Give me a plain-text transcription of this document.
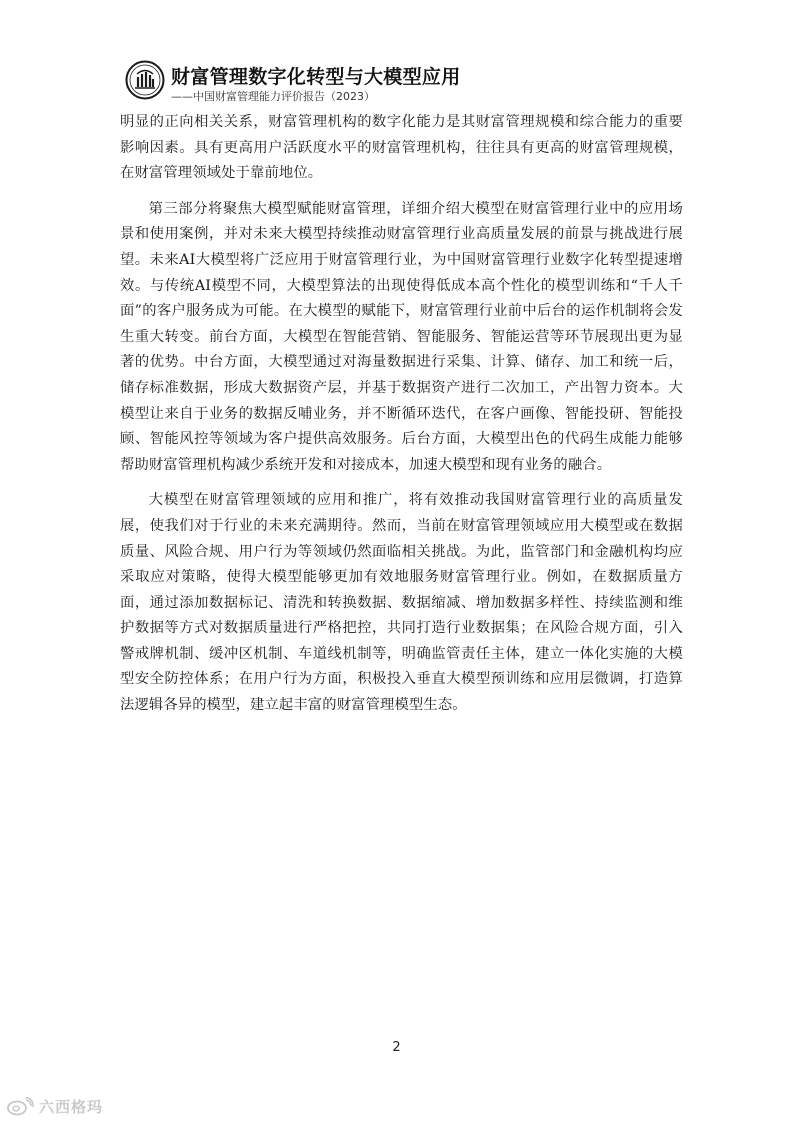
财富管理数字化转型与大模型应用
——中国财富管理能力评价报告（2023）

明显的正向相关关系，财富管理机构的数字化能力是其财富管理规模和综合能力的重要影响因素。具有更高用户活跃度水平的财富管理机构，往往具有更高的财富管理规模，在财富管理领域处于靠前地位。

第三部分将聚焦大模型赋能财富管理，详细介绍大模型在财富管理行业中的应用场景和使用案例，并对未来大模型持续推动财富管理行业高质量发展的前景与挑战进行展望。未来AI大模型将广泛应用于财富管理行业，为中国财富管理行业数字化转型提速增效。与传统AI模型不同，大模型算法的出现使得低成本高个性化的模型训练和“千人千面”的客户服务成为可能。在大模型的赋能下，财富管理行业前中后台的运作机制将会发生重大转变。前台方面，大模型在智能营销、智能服务、智能运营等环节展现出更为显著的优势。中台方面，大模型通过对海量数据进行采集、计算、储存、加工和统一后，储存标准数据，形成大数据资产层，并基于数据资产进行二次加工，产出智力资本。大模型让来自于业务的数据反哺业务，并不断循环迭代，在客户画像、智能投研、智能投顾、智能风控等领域为客户提供高效服务。后台方面，大模型出色的代码生成能力能够帮助财富管理机构减少系统开发和对接成本，加速大模型和现有业务的融合。

大模型在财富管理领域的应用和推广，将有效推动我国财富管理行业的高质量发展，使我们对于行业的未来充满期待。然而，当前在财富管理领域应用大模型或在数据质量、风险合规、用户行为等领域仍然面临相关挑战。为此，监管部门和金融机构均应采取应对策略，使得大模型能够更加有效地服务财富管理行业。例如，在数据质量方面，通过添加数据标记、清洗和转换数据、数据缩减、增加数据多样性、持续监测和维护数据等方式对数据质量进行严格把控，共同打造行业数据集；在风险合规方面，引入警戒牌机制、缓冲区机制、车道线机制等，明确监管责任主体，建立一体化实施的大模型安全防控体系；在用户行为方面，积极投入垂直大模型预训练和应用层微调，打造算法逻辑各异的模型，建立起丰富的财富管理模型生态。

2
六西格玛
